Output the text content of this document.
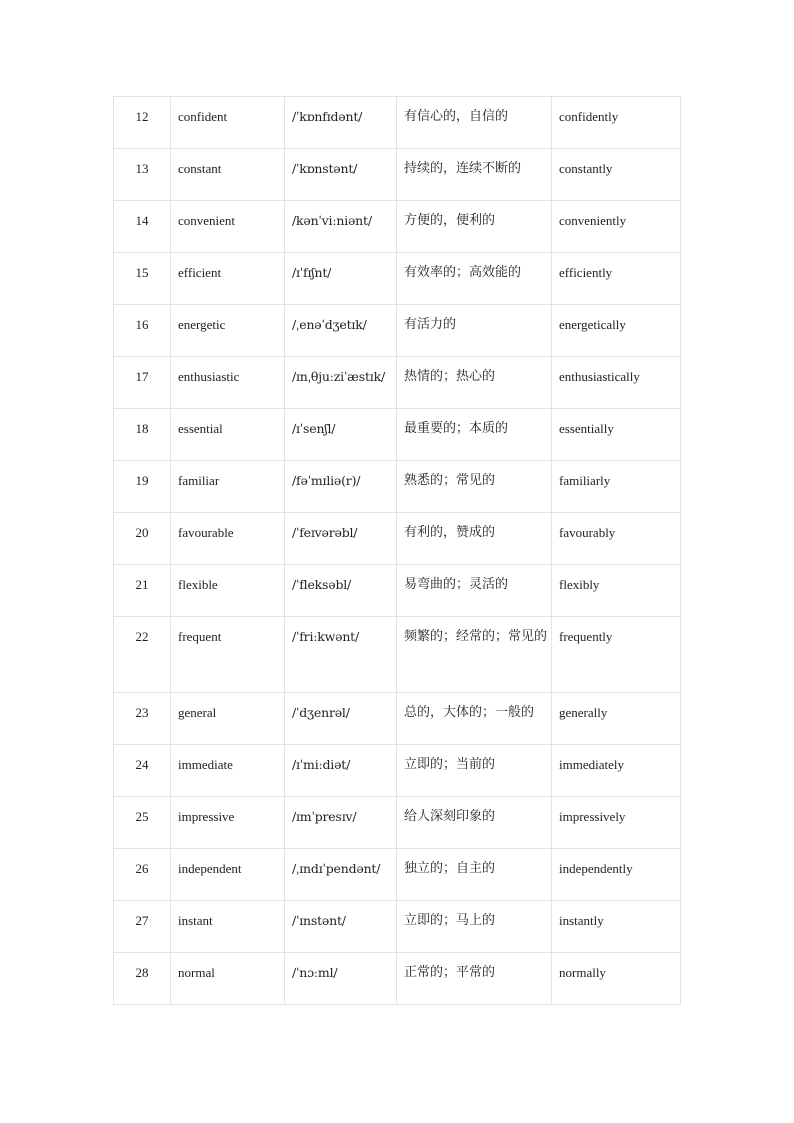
12	confident	/ˈkɒnfɪdənt/	有信心的，自信的	confidently
13	constant	/ˈkɒnstənt/	持续的，连续不断的	constantly
14	convenient	/kənˈviːniənt/	方便的，便利的	conveniently
15	efficient	/ɪˈfɪʃnt/	有效率的；高效能的	efficiently
16	energetic	/ˌenəˈdʒetɪk/	有活力的	energetically
17	enthusiastic	/ɪnˌθjuːziˈæstɪk/	热情的；热心的	enthusiastically
18	essential	/ɪˈsenʃl/	最重要的；本质的	essentially
19	familiar	/fəˈmɪliə(r)/	熟悉的；常见的	familiarly
20	favourable	/ˈfeɪvərəbl/	有利的，赞成的	favourably
21	flexible	/ˈfleksəbl/	易弯曲的；灵活的	flexibly
22	frequent	/ˈfriːkwənt/	频繁的；经常的；常见的	frequently
23	general	/ˈdʒenrəl/	总的，大体的；一般的	generally
24	immediate	/ɪˈmiːdiət/	立即的；当前的	immediately
25	impressive	/ɪmˈpresɪv/	给人深刻印象的	impressively
26	independent	/ˌɪndɪˈpendənt/	独立的；自主的	independently
27	instant	/ˈɪnstənt/	立即的；马上的	instantly
28	normal	/ˈnɔːml/	正常的；平常的	normally
